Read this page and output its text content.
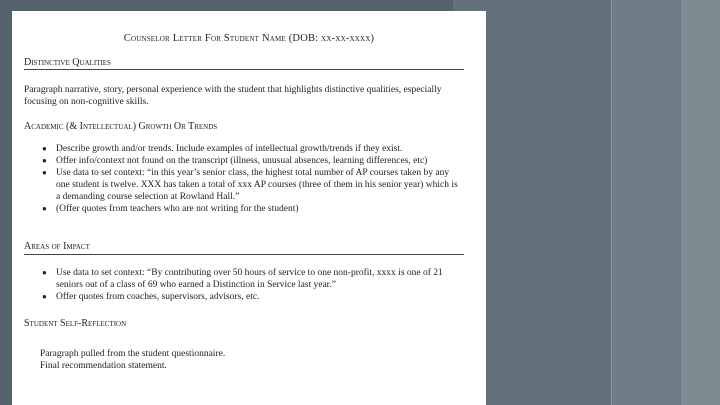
Counselor Letter For Student Name (DOB: xx-xx-xxxx)
Distinctive Qualities
Paragraph narrative, story, personal experience with the student that highlights distinctive qualities, especially focusing on non-cognitive skills.
Academic (& Intellectual) Growth Or Trends
● Describe growth and/or trends. Include examples of intellectual growth/trends if they exist.
● Offer info/context not found on the transcript (illness, unusual absences, learning differences, etc)
● Use data to set context: “in this year’s senior class, the highest total number of AP courses taken by any one student is twelve. XXX has taken a total of xxx AP courses (three of them in his senior year) which is a demanding course selection at Rowland Hall.”
● (Offer quotes from teachers who are not writing for the student)
Areas of Impact
● Use data to set context: “By contributing over 50 hours of service to one non-profit, xxxx is one of 21 seniors out of a class of 69 who earned a Distinction in Service last year.”
● Offer quotes from coaches, supervisors, advisors, etc.
Student Self-Reflection
Paragraph pulled from the student questionnaire.
Final recommendation statement.
